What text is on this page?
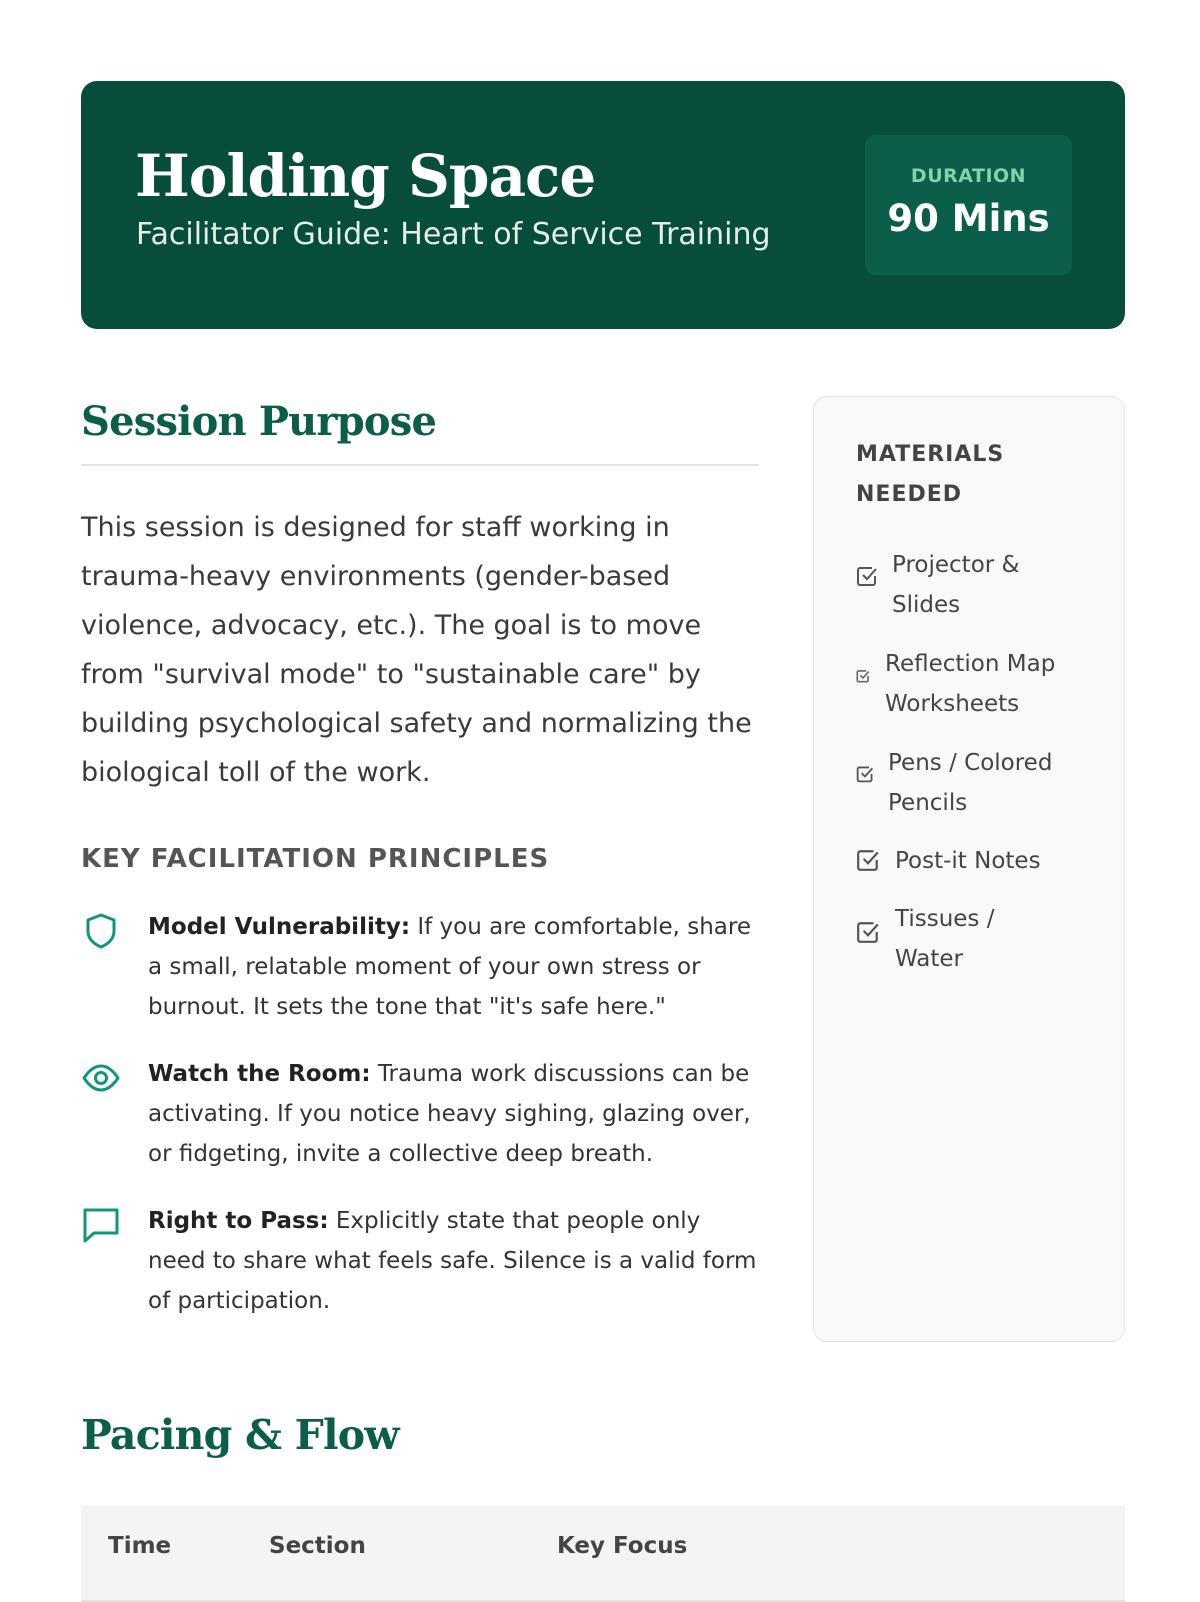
Holding Space
Facilitator Guide: Heart of Service Training
DURATION
90 Mins
Session Purpose

This session is designed for staff working in trauma-heavy environments (gender-based violence, advocacy, etc.). The goal is to move from "survival mode" to "sustainable care" by building psychological safety and normalizing the biological toll of the work.

KEY FACILITATION PRINCIPLES

Model Vulnerability: If you are comfortable, share a small, relatable moment of your own stress or burnout. It sets the tone that "it's safe here."

Watch the Room: Trauma work discussions can be activating. If you notice heavy sighing, glazing over, or fidgeting, invite a collective deep breath.

Right to Pass: Explicitly state that people only need to share what feels safe. Silence is a valid form of participation.

MATERIALS NEEDED
Projector & Slides
Reflection Map Worksheets
Pens / Colored Pencils
Post-it Notes
Tissues / Water
Pacing & Flow
Time	Section	Key Focus
